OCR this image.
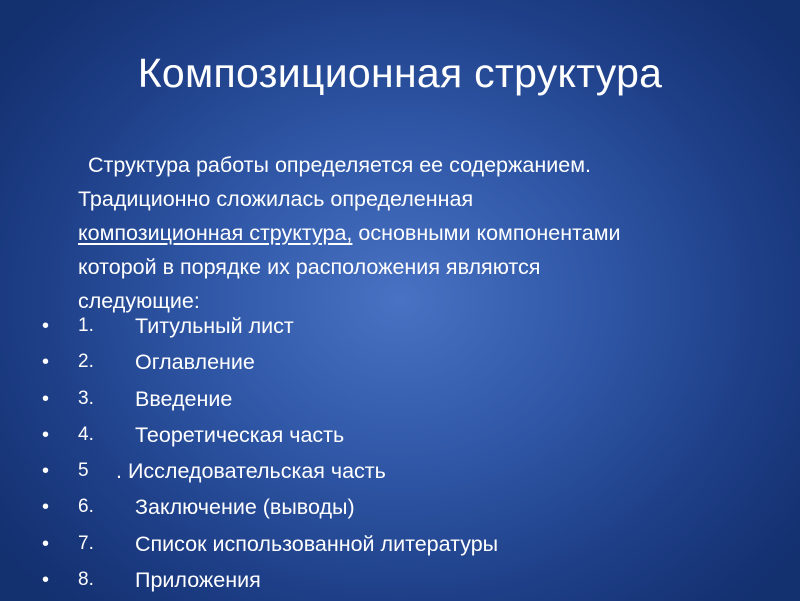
Композиционная структура
Структура работы определяется ее содержанием.
Традиционно сложилась определенная
композиционная структура, основными компонентами
которой в порядке их расположения являются
следующие:
• 1. Титульный лист
• 2. Оглавление
• 3. Введение
• 4. Теоретическая часть
• 5 . Исследовательская часть
• 6. Заключение (выводы)
• 7. Список использованной литературы
• 8. Приложения
